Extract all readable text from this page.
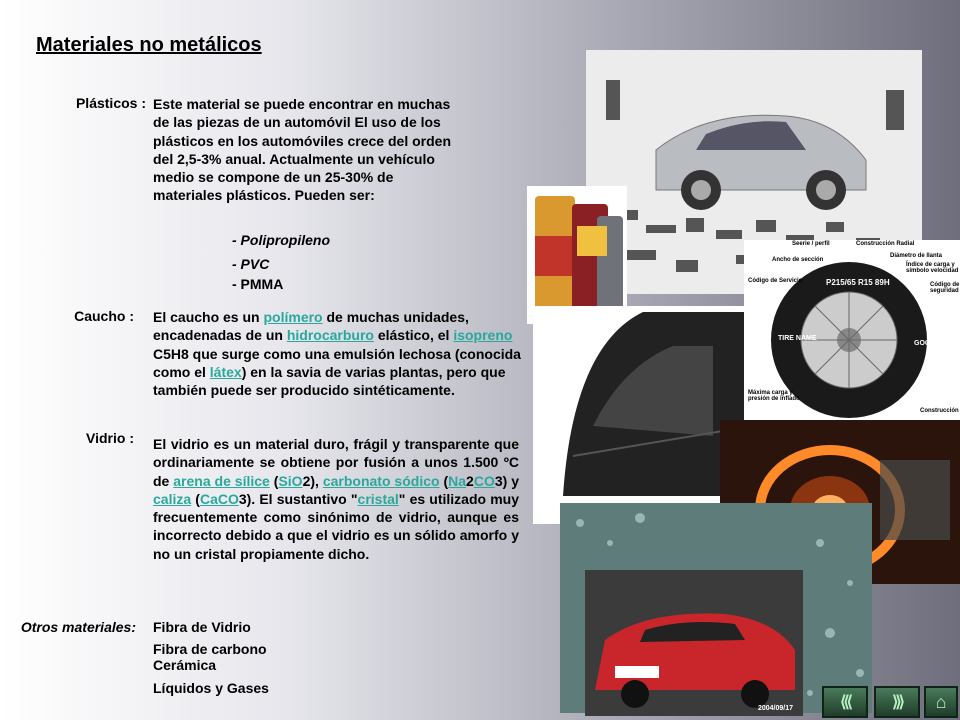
Materiales no metálicos
Plásticos : Este material se puede encontrar en muchas de las piezas de un automóvil El uso de los plásticos en los automóviles crece del orden del 2,5-3% anual. Actualmente un vehículo medio se compone de un 25-30% de materiales plásticos. Pueden ser:
- Polipropileno
- PVC
- PMMA
Caucho : El caucho es un polímero de muchas unidades, encadenadas de un hidrocarburo elástico, el isopreno C5H8 que surge como una emulsión lechosa (conocida como el látex) en la savia de varias plantas, pero que también puede ser producido sintéticamente.
Vidrio : El vidrio es un material duro, frágil y transparente que ordinariamente se obtiene por fusión a unos 1.500 ºC de arena de sílice (SiO2), carbonato sódico (Na2CO3) y caliza (CaCO3). El sustantivo "cristal" es utilizado muy frecuentemente como sinónimo de vidrio, aunque es incorrecto debido a que el vidrio es un sólido amorfo y no un cristal propiamente dicho.
Otros materiales: Fibra de Vidrio
Fibra de carbono
Cerámica
Líquidos y Gases
Seerie / perfil	Construcción Radial
Ancho de sección
Diámetro de llanta
Índice de carga y símbolo velocidad
Código de Servicio
Código de seguridad
Máxima carga y presión de inflado
Construcción
P215/65 R15 89H
GOODYEAR
TIRE NAME
2004/09/17	⟨⟨⟨	⟩⟩⟩	⌂
